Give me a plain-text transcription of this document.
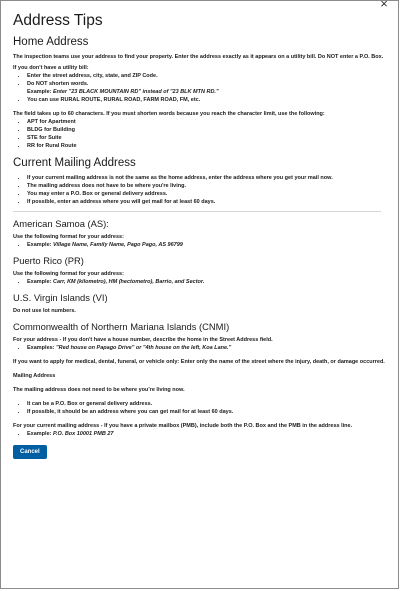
×
Address Tips
Home Address

The inspection teams use your address to find your property. Enter the address exactly as it appears on a utility bill. Do NOT enter a P.O. Box.

If you don't have a utility bill:

• Enter the street address, city, state, and ZIP Code.
• Do NOT shorten words.
Example: Enter "23 BLACK MOUNTAIN RD" instead of "23 BLK MTN RD."
• You can use RURAL ROUTE, RURAL ROAD, FARM ROAD, FM, etc.

The field takes up to 60 characters. If you must shorten words because you reach the character limit, use the following:

• APT for Apartment
• BLDG for Building
• STE for Suite
• RR for Rural Route
Current Mailing Address
• If your current mailing address is not the same as the home address, enter the address where you get your mail now.
• The mailing address does not have to be where you're living.
• You may enter a P.O. Box or general delivery address.
• If possible, enter an address where you will get mail for at least 60 days.
American Samoa (AS):

Use the following format for your address:

• Example: Village Name, Family Name, Pago Pago, AS 96799
Puerto Rico (PR)

Use the following format for your address:

• Example: Carr, KM (kilometro), HM (hectometro), Barrio, and Sector.
U.S. Virgin Islands (VI)

Do not use lot numbers.

Commonwealth of Northern Mariana Islands (CNMI)

For your address - If you don't have a house number, describe the home in the Street Address field.

• Examples: "Red house on Papago Drive" or "4th house on the left, Koa Lane."

If you want to apply for medical, dental, funeral, or vehicle only: Enter only the name of the street where the injury, death, or damage occurred.

Mailing Address

The mailing address does not need to be where you're living now.

• It can be a P.O. Box or general delivery address.
• If possible, it should be an address where you can get mail for at least 60 days.

For your current mailing address - If you have a private mailbox (PMB), include both the P.O. Box and the PMB in the address line.

• Example: P.O. Box 10001 PMB 27
Cancel
